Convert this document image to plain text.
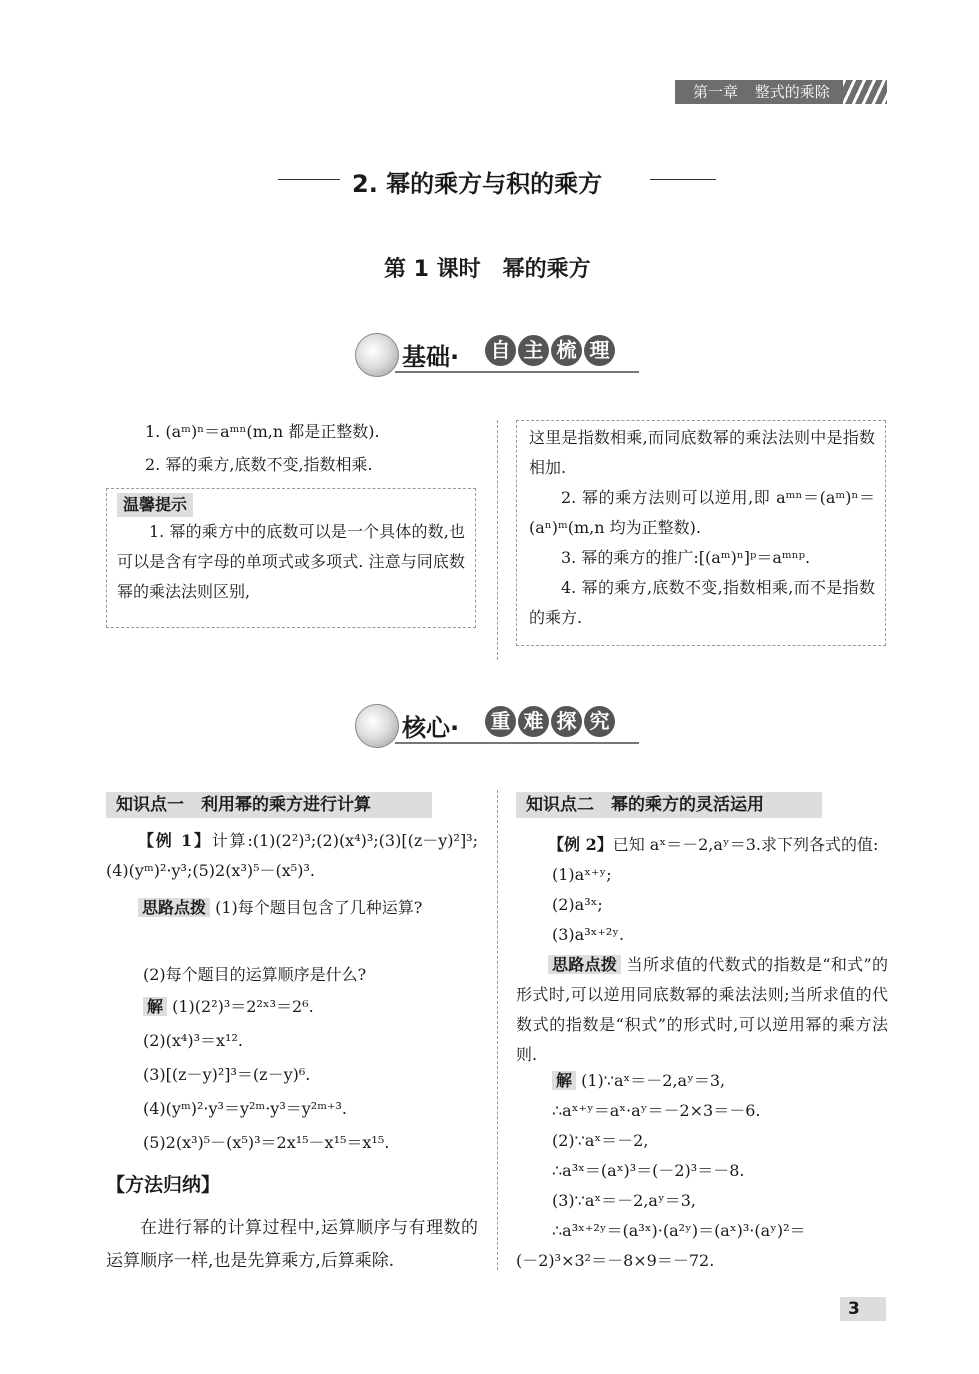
第一章 整式的乘除
2. 幂的乘方与积的乘方
第 1 课时　幂的乘方
基础· 自 主 梳 理
1. (aᵐ)ⁿ＝aᵐⁿ(m,n 都是正整数).
2. 幂的乘方,底数不变,指数相乘.
温馨提示

1. 幂的乘方中的底数可以是一个具体的数,也可以是含有字母的单项式或多项式. 注意与同底数幂的乘法法则区别,

这里是指数相乘,而同底数幂的乘法法则中是指数相加.

2. 幂的乘方法则可以逆用,即 aᵐⁿ＝(aᵐ)ⁿ＝(aⁿ)ᵐ(m,n 均为正整数).

3. 幂的乘方的推广:[(aᵐ)ⁿ]ᵖ＝aᵐⁿᵖ.

4. 幂的乘方,底数不变,指数相乘,而不是指数的乘方.

核心· 重 难 探 究
知识点一　利用幂的乘方进行计算
【例 1】计算:(1)(2²)³;(2)(x⁴)³;(3)[(z－y)²]³;(4)(yᵐ)²·y³;(5)2(x³)⁵－(x⁵)³.
思路点拨 (1)每个题目包含了几种运算?
(2)每个题目的运算顺序是什么?
解 (1)(2²)³＝2²ˣ³＝2⁶.
(2)(x⁴)³＝x¹².
(3)[(z－y)²]³＝(z－y)⁶.
(4)(yᵐ)²·y³＝y²ᵐ·y³＝y²ᵐ⁺³.
(5)2(x³)⁵－(x⁵)³＝2x¹⁵－x¹⁵＝x¹⁵.
【方法归纳】
在进行幂的计算过程中,运算顺序与有理数的运算顺序一样,也是先算乘方,后算乘除.
知识点二　幂的乘方的灵活运用
【例 2】已知 aˣ＝－2,aʸ＝3.求下列各式的值:
(1)aˣ⁺ʸ;
(2)a³ˣ;
(3)a³ˣ⁺²ʸ.
思路点拨 当所求值的代数式的指数是“和式”的形式时,可以逆用同底数幂的乘法法则;当所求值的代数式的指数是“积式”的形式时,可以逆用幂的乘方法则.
解 (1)∵aˣ＝－2,aʸ＝3,
∴aˣ⁺ʸ＝aˣ·aʸ＝－2×3＝－6.
(2)∵aˣ＝－2,
∴a³ˣ＝(aˣ)³＝(－2)³＝－8.
(3)∵aˣ＝－2,aʸ＝3,
∴a³ˣ⁺²ʸ＝(a³ˣ)·(a²ʸ)＝(aˣ)³·(aʸ)²＝
(－2)³×3²＝－8×9＝－72.
3
